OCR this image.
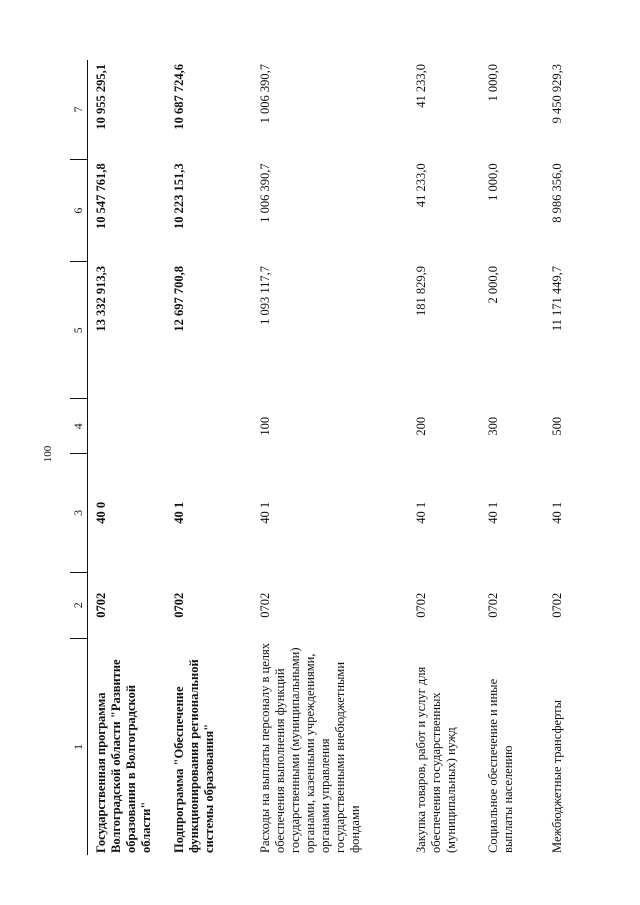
100
1	2	3	4	5	6	7
Государственная программа Волгоградской области "Развитие образования в Волгоградской области"	0702	40 0		13 332 913,3	10 547 761,8	10 955 295,1
Подпрограмма "Обеспечение функционирования региональной системы образования"	0702	40 1		12 697 700,8	10 223 151,3	10 687 724,6
Расходы на выплаты персоналу в целях обеспечения выполнения функций государственными (муниципальными) органами, казенными учреждениями, органами управления государственными внебюджетными фондами	0702	40 1	100	1 093 117,7	1 006 390,7	1 006 390,7
Закупка товаров, работ и услуг для обеспечения государственных (муниципальных) нужд	0702	40 1	200	181 829,9	41 233,0	41 233,0
Социальное обеспечение и иные выплаты населению	0702	40 1	300	2 000,0	1 000,0	1 000,0
Межбюджетные трансферты	0702	40 1	500	11 171 449,7	8 986 356,0	9 450 929,3
